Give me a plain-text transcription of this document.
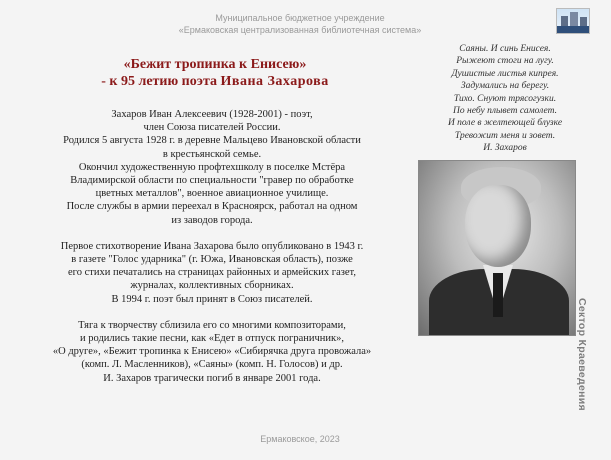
Муниципальное бюджетное учреждение
«Ермаковская централизованная библиотечная система»
«Бежит тропинка к Енисею»
- к 95 летию поэта Ивана Захарова
Саяны. И синь Енисея.
Рыжеют стоги на лугу.
Душистые листья кипрея.
Задумались на берегу.
Тихо. Снуют трясогузки.
По небу плывет самолет.
И поле в желтеющей блузке
Тревожит меня и зовет.
И. Захаров

Захаров Иван Алексеевич (1928-2001) - поэт,
член Союза писателей России.
Родился 5 августа 1928 г. в деревне Мальцево Ивановской области
в крестьянской семье.
Окончил художественную профтехшколу в поселке Мстёра
Владимирской области по специальности "гравер по обработке
цветных металлов", военное авиационное училище.
После службы в армии переехал в Красноярск, работал на одном
из заводов города.

Первое стихотворение Ивана Захарова было опубликовано в 1943 г.
в газете "Голос ударника" (г. Южа, Ивановская область), позже
его стихи печатались на страницах районных и армейских газет,
журналах, коллективных сборниках.
В 1994 г. поэт был принят в Союз писателей.

Тяга к творчеству сблизила его со многими композиторами,
и родились такие песни, как «Едет в отпуск пограничник»,
«О друге», «Бежит тропинка к Енисею» «Сибирячка друга провожала»
(комп. Л. Масленников), «Саяны» (комп. Н. Голосов) и др.
И. Захаров трагически погиб в январе 2001 года.	Сектор Краеведения
Ермаковское, 2023
